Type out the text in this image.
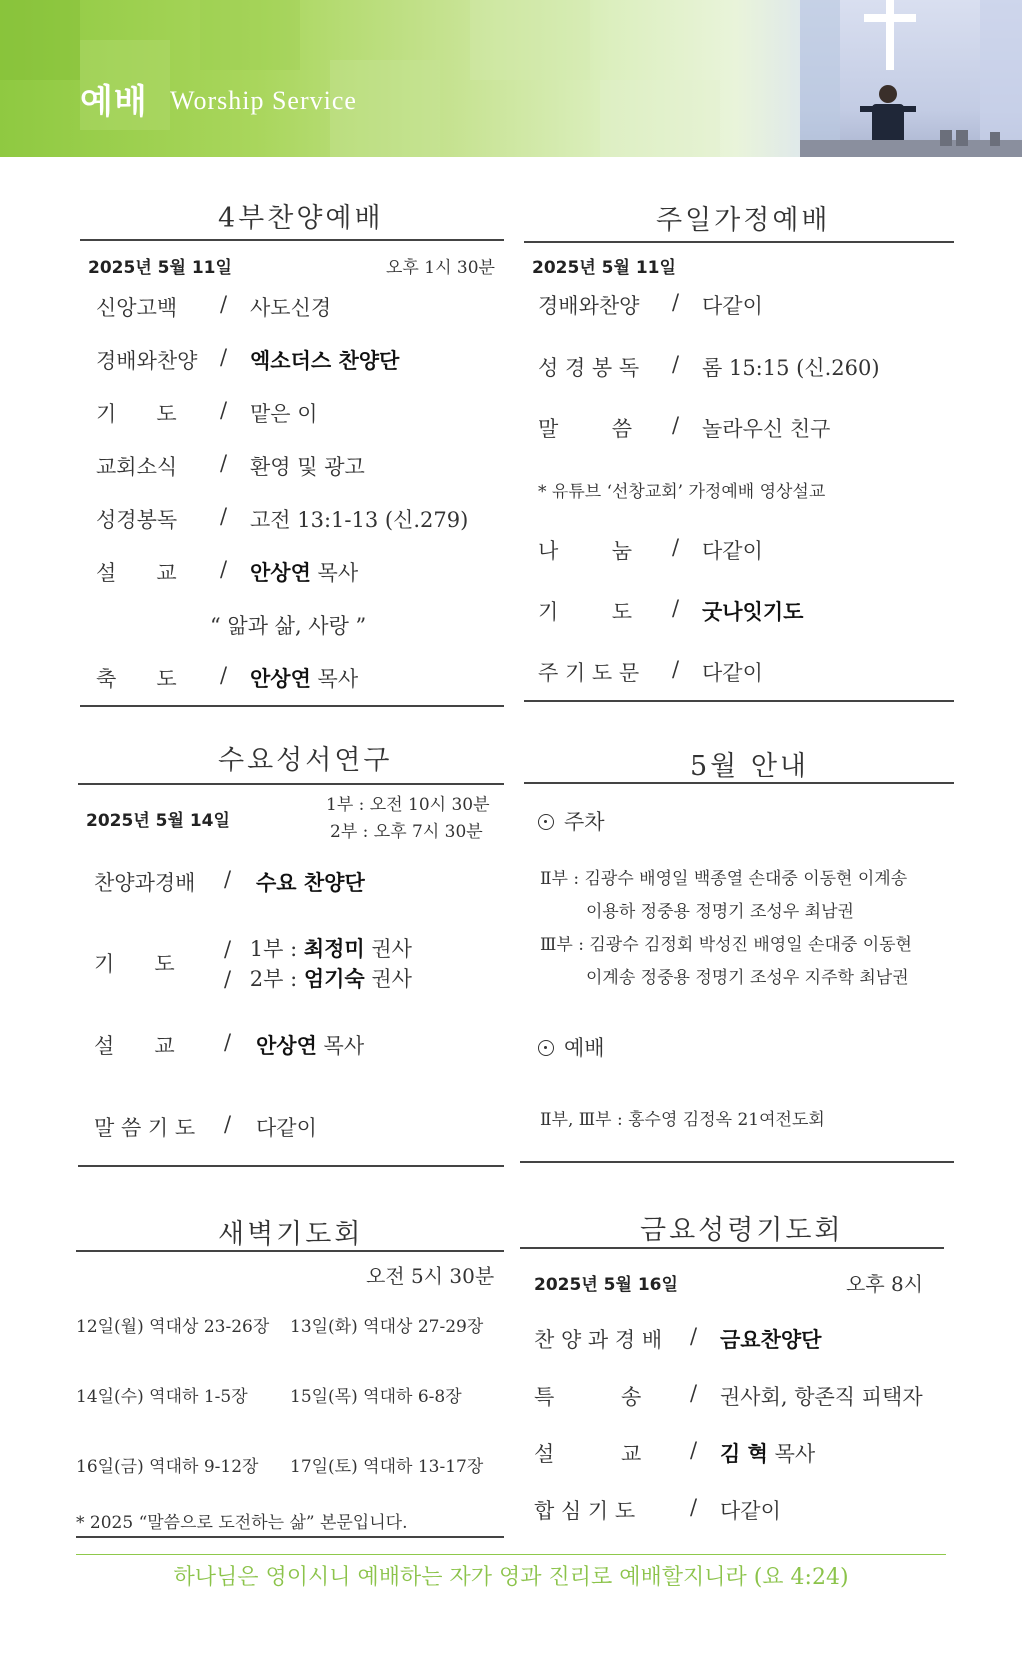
예배 Worship Service
4부찬양예배
2025년 5월 11일	오후 1시 30분
신앙고백 / 사도신경
경배와찬양 / 엑소더스 찬양단
기      도 / 맡은 이
교회소식 / 환영 및 광고
성경봉독 / 고전 13:1-13 (신.279)
설      교 / 안상연 목사
축      도 / 안상연 목사
“ 앎과 삶, 사랑 ”
주일가정예배
2025년 5월 11일
경배와찬양 / 다같이
성 경 봉 독 / 롬 15:15 (신.260)
말        씀 / 놀라우신 친구
나        눔 / 다같이
기        도 / 굿나잇기도
주 기 도 문 / 다같이
* 유튜브 ‘선창교회’ 가정예배 영상설교
수요성서연구
2025년 5월 14일
1부 : 오전 10시 30분
2부 : 오후 7시 30분
찬양과경배 / 수요 찬양단
기      도
/ 1부 : 최정미 권사
/ 2부 : 엄기숙 권사
설      교 / 안상연 목사
말 씀 기 도 / 다같이
5월 안내
주차
Ⅱ부 : 김광수 배영일 백종열 손대중 이동현 이계송
이용하 정중용 정명기 조성우 최남권
Ⅲ부 : 김광수 김정회 박성진 배영일 손대중 이동현
이계송 정중용 정명기 조성우 지주학 최남권
예배
Ⅱ부, Ⅲ부 : 홍수영 김정옥 21여전도회
새벽기도회
오전 5시 30분
12일(월) 역대상 23-26장 13일(화) 역대상 27-29장
14일(수) 역대하 1-5장 15일(목) 역대하 6-8장
16일(금) 역대하 9-12장 17일(토) 역대하 13-17장
* 2025 “말씀으로 도전하는 삶” 본문입니다.
금요성령기도회
2025년 5월 16일	오후 8시
찬 양 과 경 배 / 금요찬양단
특          송 / 권사회, 항존직 피택자
설          교 / 김 혁 목사
합 심 기 도	/ 다같이
하나님은 영이시니 예배하는 자가 영과 진리로 예배할지니라 (요 4:24)
